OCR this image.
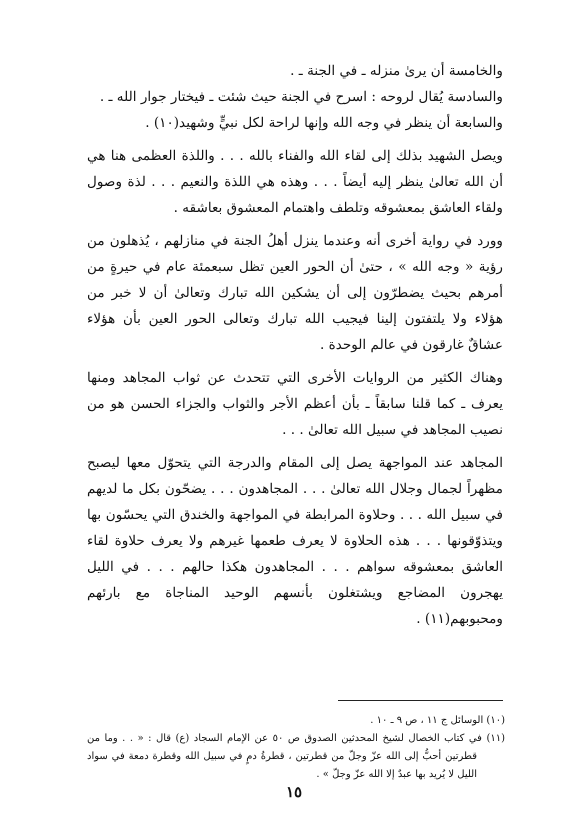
والخامسة أن يرىٰ منزله ـ في الجنة ـ .

والسادسة يُقال لروحه : اسرح في الجنة حيث شئت ـ فيختار جوار الله ـ .

والسابعة أن ينظر في وجه الله وإنها لراحة لكل نبيٍّ وشهيد(١٠) .

ويصل الشهيد بذلك إلى لقاء الله والفناء بالله . . . واللذة العظمى هنا هي أن الله تعالىٰ ينظر إليه أيضاً . . . وهذه هي اللذة والنعيم . . . لذة وصول ولقاء العاشق بمعشوقه وتلطف واهتمام المعشوق بعاشقه .

وورد في رواية أخرى أنه وعندما ينزل أهلُ الجنة في منازلهم ، يُذهلون من رؤية « وجه الله » ، حتىٰ أن الحور العين تظل سبعمئة عام في حيرةٍ من أمرهم بحيث يضطرّون إلى أن يشكين الله تبارك وتعالىٰ أن لا خبر من هؤلاء ولا يلتفتون إلينا فيجيب الله تبارك وتعالى الحور العين بأن هؤلاء عشاقٌ غارقون في عالم الوحدة .

وهناك الكثير من الروايات الأخرى التي تتحدث عن ثواب المجاهد ومنها يعرف ـ كما قلنا سابقاً ـ بأن أعظم الأجر والثواب والجزاء الحسن هو من نصيب المجاهد في سبيل الله تعالىٰ . . .

المجاهد عند المواجهة يصل إلى المقام والدرجة التي يتحوّل معها ليصبح مظهراً لجمال وجلال الله تعالىٰ . . . المجاهدون . . . يضحّون بكل ما لديهم في سبيل الله . . . وحلاوة المرابطة في المواجهة والخندق التي يحسّون بها ويتذوّقونها . . . هذه الحلاوة لا يعرف طعمها غيرهم ولا يعرف حلاوة لقاء العاشق بمعشوقه سواهم . . . المجاهدون هكذا حالهم . . . في الليل يهجرون المضاجع ويشتغلون بأنسهم الوحيد المناجاة مع بارئهم ومحبوبهم(١١) .

(١٠) الوسائل ج ١١ ، ص ٩ ـ ١٠ .

(١١) في كتاب الخصال لشيخ المحدثين الصدوق ص ٥٠ عن الإمام السجاد (ع) قال : « . . وما من قطرتين أحبُّ إلى الله عزّ وجلّ من قطرتين ، قطرةُ دمٍ في سبيل الله وقطرة دمعة في سواد الليل لا يُريد بها عبدٌ إلا الله عزّ وجلّ » .

١٥
